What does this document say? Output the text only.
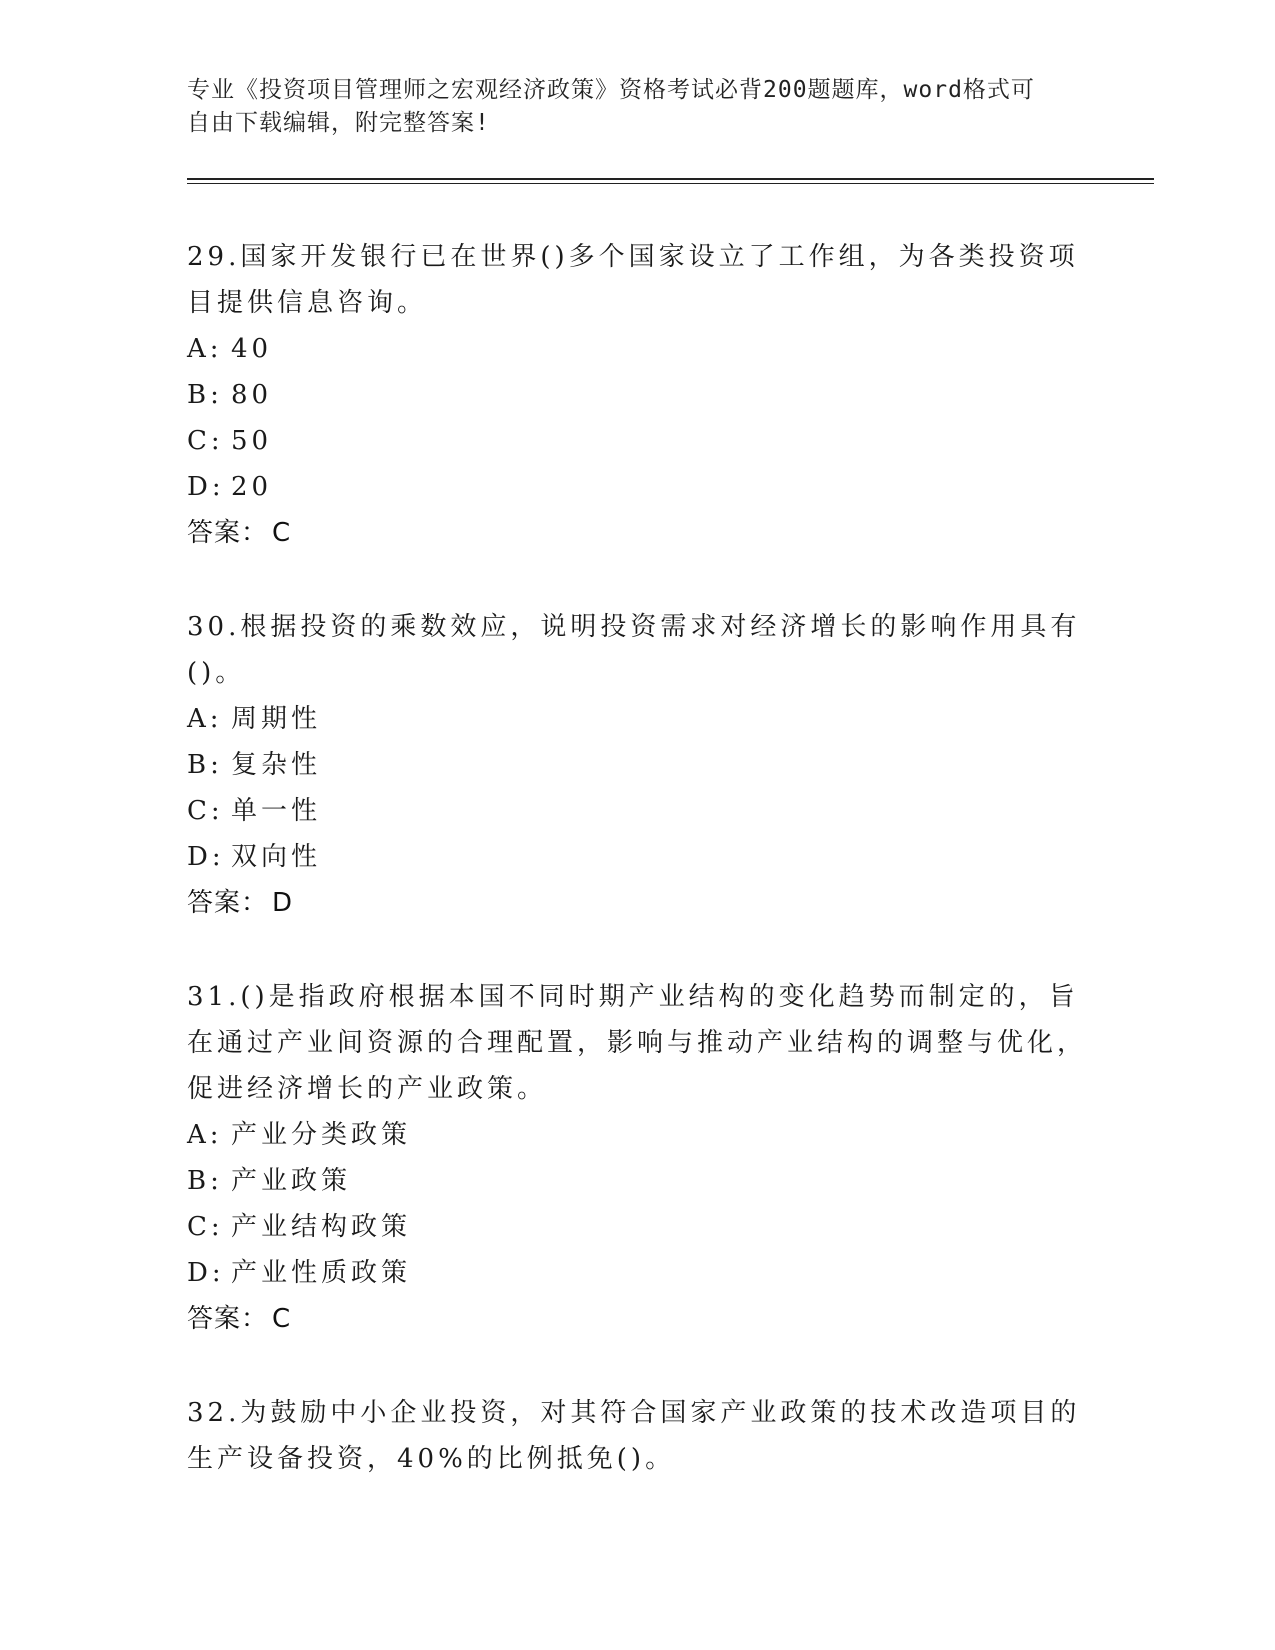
专业《投资项目管理师之宏观经济政策》资格考试必背200题题库，word格式可
自由下载编辑，附完整答案!

29.国家开发银行已在世界()多个国家设立了工作组，为各类投资项目提供信息咨询。

A: 40
B: 80
C: 50
D: 20
答案： C

30.根据投资的乘数效应，说明投资需求对经济增长的影响作用具有()。

A: 周期性
B: 复杂性
C: 单一性
D: 双向性
答案： D

31.()是指政府根据本国不同时期产业结构的变化趋势而制定的，旨在通过产业间资源的合理配置，影响与推动产业结构的调整与优化，促进经济增长的产业政策。

A: 产业分类政策
B: 产业政策
C: 产业结构政策
D: 产业性质政策
答案： C

32.为鼓励中小企业投资，对其符合国家产业政策的技术改造项目的生产设备投资，40%的比例抵免()。
